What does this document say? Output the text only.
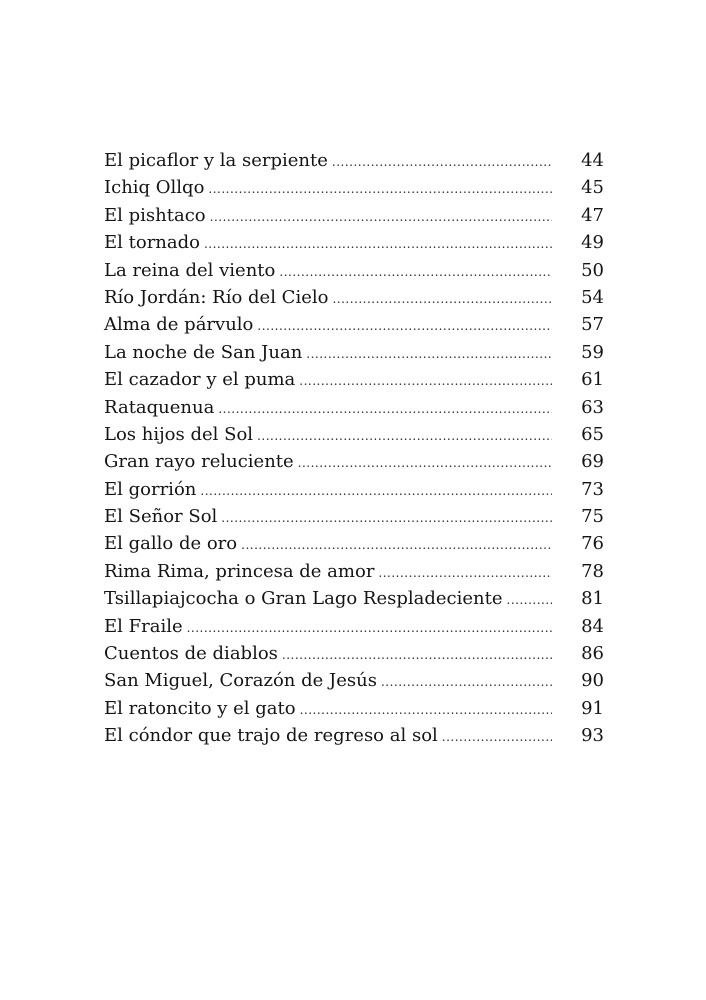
El picaflor y la serpiente .....	44
Ichiq Ollqo .....	45
El pishtaco .....	47
El tornado .....	49
La reina del viento .....	50
Río Jordán: Río del Cielo .....	54
Alma de párvulo .....	57
La noche de San Juan .....	59
El cazador y el puma .....	61
Rataquenua .....	63
Los hijos del Sol .....	65
Gran rayo reluciente .....	69
El gorrión .....	73
El Señor Sol .....	75
El gallo de oro .....	76
Rima Rima, princesa de amor .....	78
Tsillapiajcocha o Gran Lago Respladeciente .....	81
El Fraile .....	84
Cuentos de diablos .....	86
San Miguel, Corazón de Jesús .....	90
El ratoncito y el gato .....	91
El cóndor que trajo de regreso al sol .....	93
